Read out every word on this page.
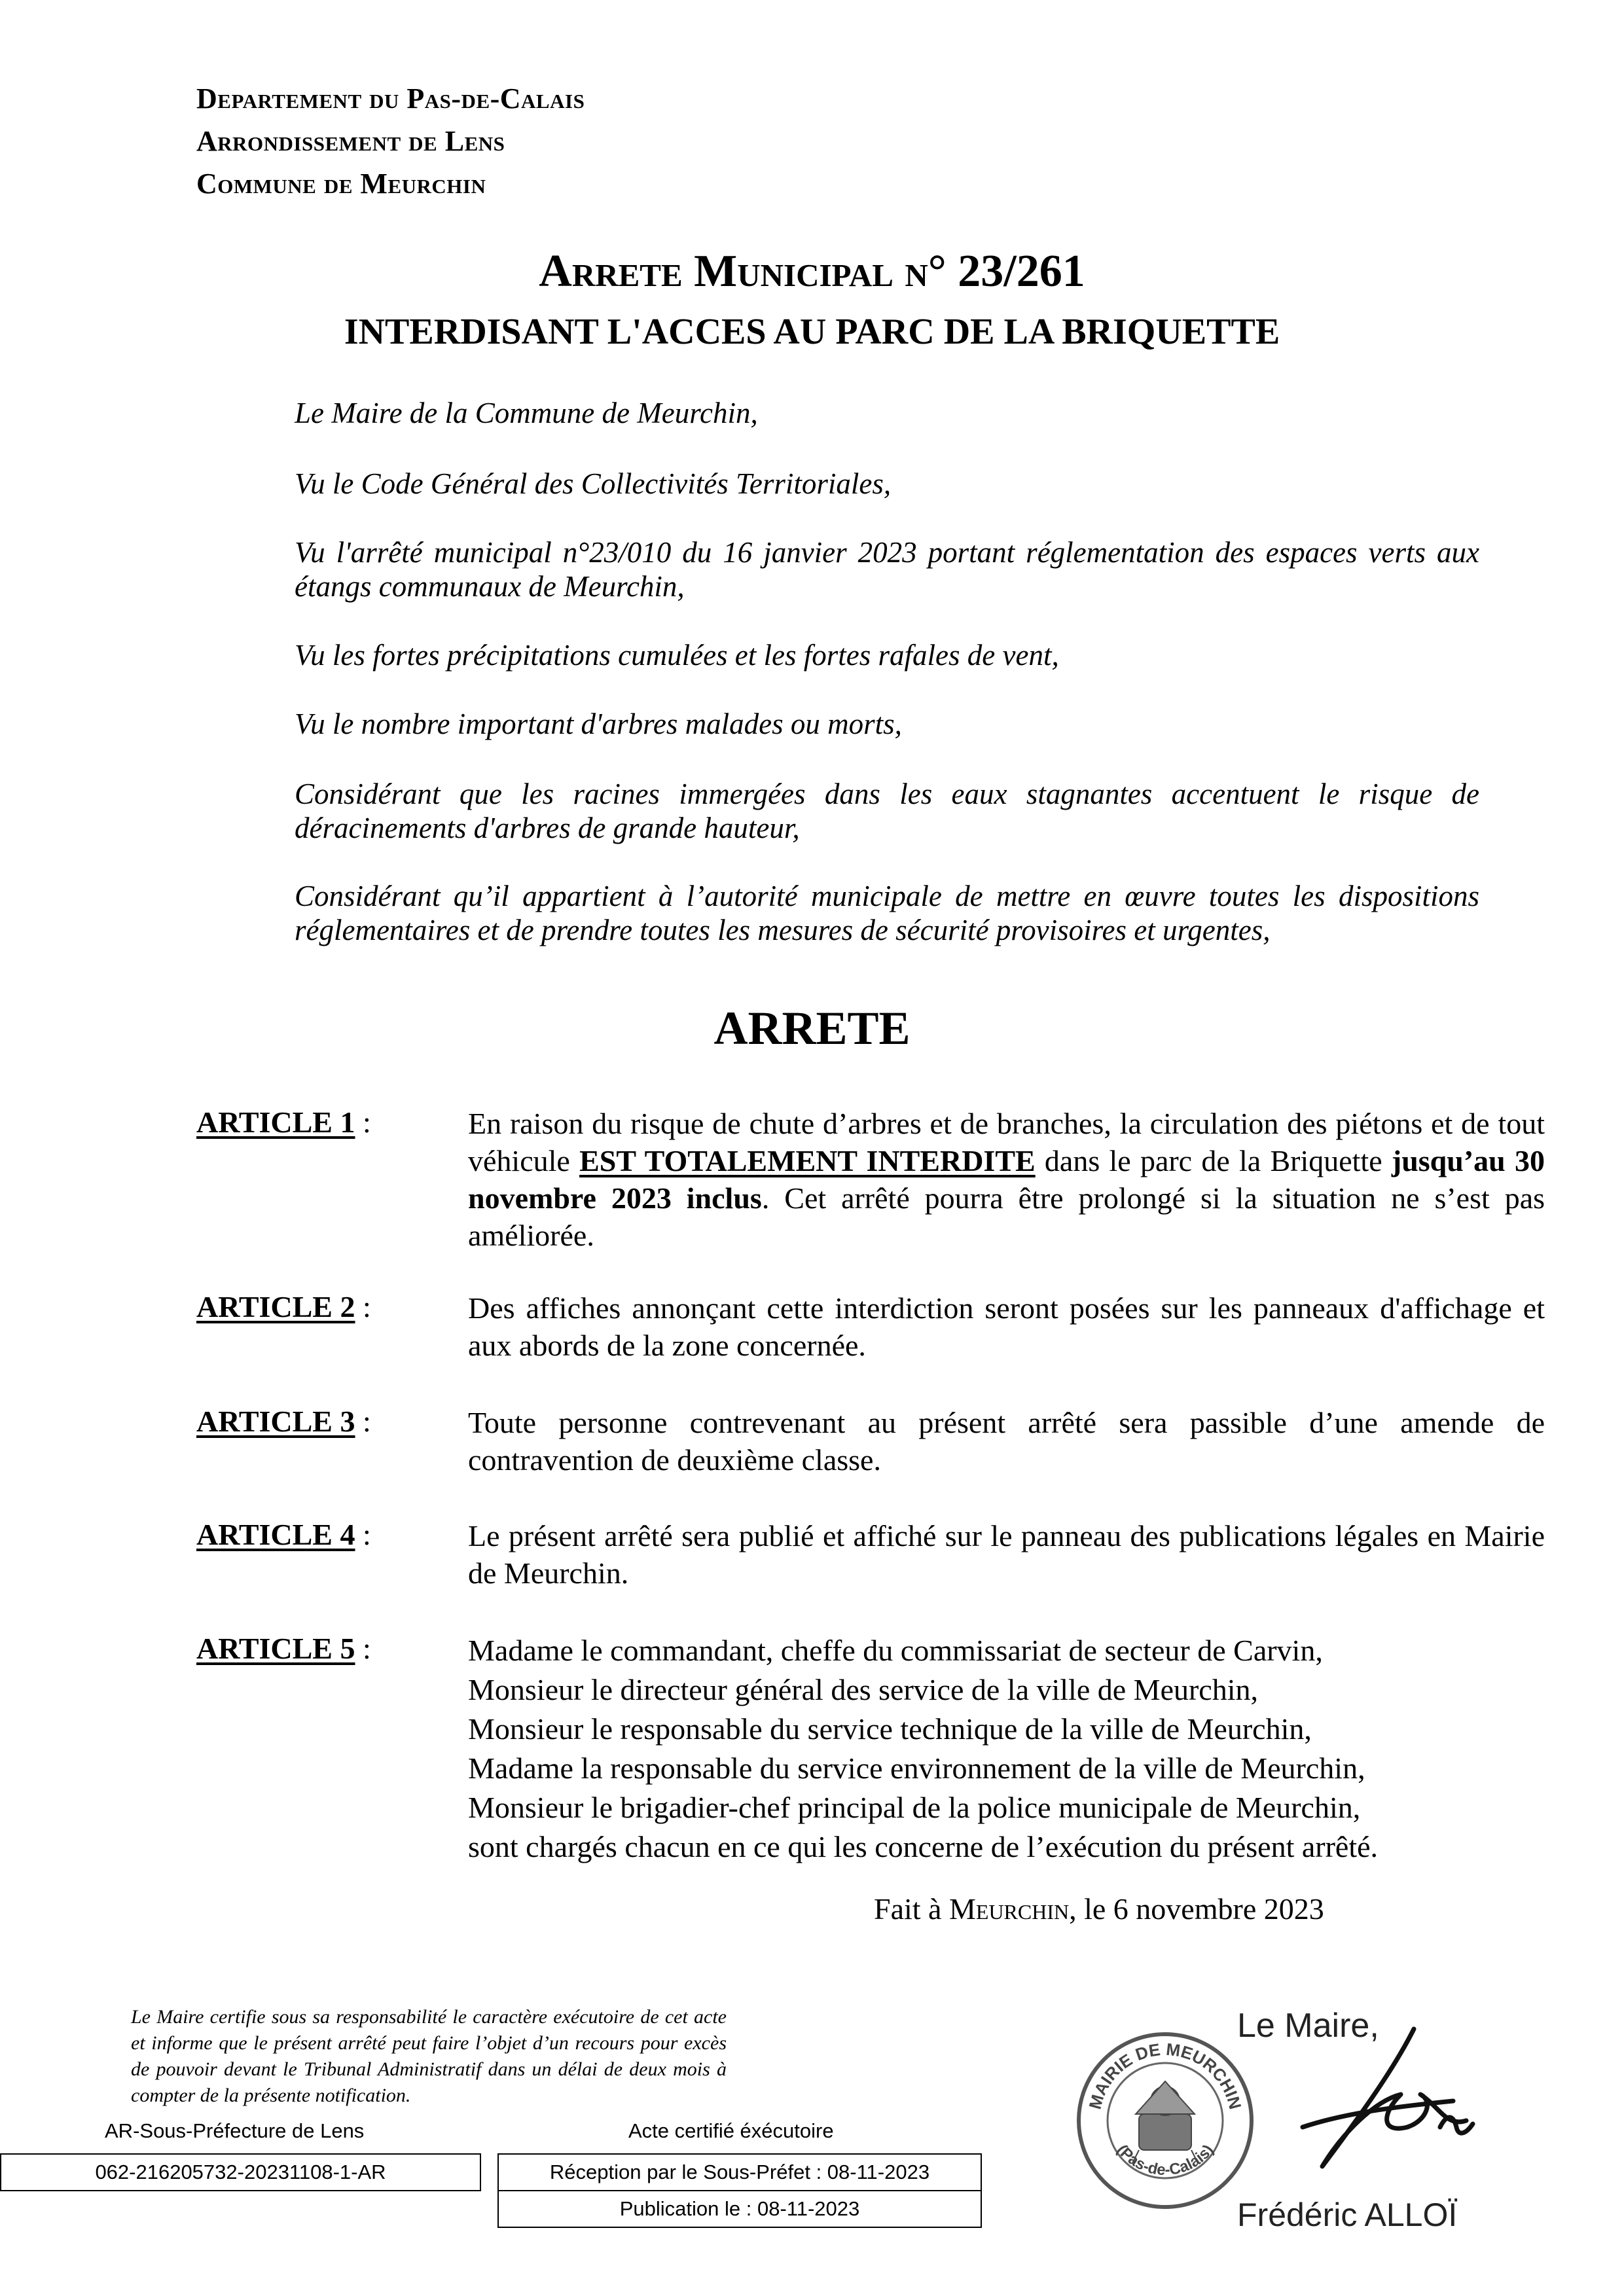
Departement du Pas-de-Calais
Arrondissement de Lens
Commune de Meurchin
Arrete Municipal n° 23/261
INTERDISANT L'ACCES AU PARC DE LA BRIQUETTE
Le Maire de la Commune de Meurchin,
Vu le Code Général des Collectivités Territoriales,
Vu l'arrêté municipal n°23/010 du 16 janvier 2023 portant réglementation des espaces verts aux étangs communaux de Meurchin,
Vu les fortes précipitations cumulées et les fortes rafales de vent,
Vu le nombre important d'arbres malades ou morts,
Considérant que les racines immergées dans les eaux stagnantes accentuent le risque de déracinements d'arbres de grande hauteur,
Considérant qu’il appartient à l’autorité municipale de mettre en œuvre toutes les dispositions réglementaires et de prendre toutes les mesures de sécurité provisoires et urgentes,
ARRETE
ARTICLE 1 :	En raison du risque de chute d’arbres et de branches, la circulation des piétons et de tout véhicule EST TOTALEMENT INTERDITE dans le parc de la Briquette jusqu’au 30 novembre 2023 inclus. Cet arrêté pourra être prolongé si la situation ne s’est pas améliorée.
ARTICLE 2 :	Des affiches annonçant cette interdiction seront posées sur les panneaux d'affichage et aux abords de la zone concernée.
ARTICLE 3 :	Toute personne contrevenant au présent arrêté sera passible d’une amende de contravention de deuxième classe.
ARTICLE 4 :	Le présent arrêté sera publié et affiché sur le panneau des publications légales en Mairie de Meurchin.
ARTICLE 5 :	Madame le commandant, cheffe du commissariat de secteur de Carvin,
Monsieur le directeur général des service de la ville de Meurchin,
Monsieur le responsable du service technique de la ville de Meurchin,
Madame la responsable du service environnement de la ville de Meurchin,
Monsieur le brigadier-chef principal de la police municipale de Meurchin,
sont chargés chacun en ce qui les concerne de l’exécution du présent arrêté.
Fait à Meurchin, le 6 novembre 2023
Le Maire certifie sous sa responsabilité le caractère exécutoire de cet acte et informe que le présent arrêté peut faire l’objet d’un recours pour excès de pouvoir devant le Tribunal Administratif dans un délai de deux mois à compter de la présente notification.
AR-Sous-Préfecture de Lens	Acte certifié éxécutoire
062-216205732-20231108-1-AR	Réception par le Sous-Préfet : 08-11-2023
Publication le : 08-11-2023
Le Maire,
MAIRIE DE MEURCHIN
(Pas-de-Calais)
Frédéric ALLOÏ
